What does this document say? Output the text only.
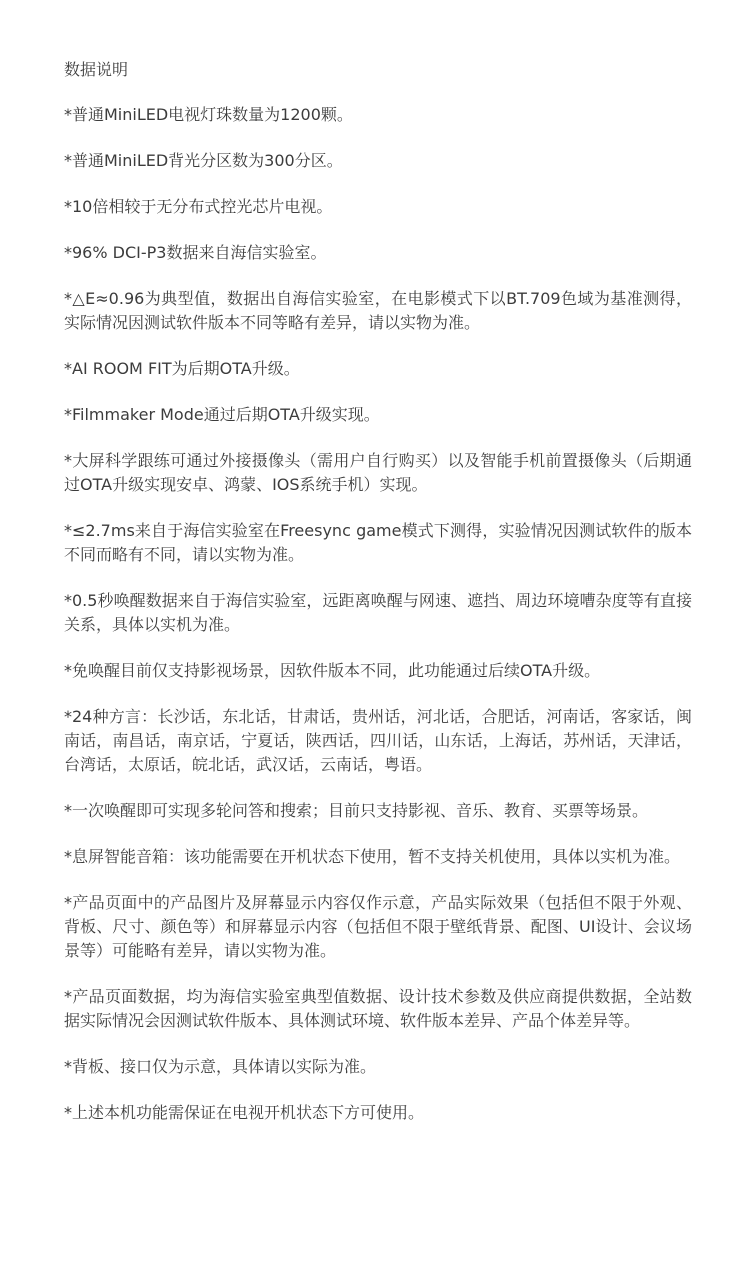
数据说明
*普通MiniLED电视灯珠数量为1200颗。
*普通MiniLED背光分区数为300分区。
*10倍相较于无分布式控光芯片电视。
*96% DCI-P3数据来自海信实验室。
*△E≈0.96为典型值，数据出自海信实验室，在电影模式下以BT.709色域为基准测得，实际情况因测试软件版本不同等略有差异，请以实物为准。
*AI ROOM FIT为后期OTA升级。
*Filmmaker Mode通过后期OTA升级实现。
*大屏科学跟练可通过外接摄像头（需用户自行购买）以及智能手机前置摄像头（后期通过OTA升级实现安卓、鸿蒙、IOS系统手机）实现。
*≤2.7ms来自于海信实验室在Freesync game模式下测得，实验情况因测试软件的版本不同而略有不同，请以实物为准。
*0.5秒唤醒数据来自于海信实验室，远距离唤醒与网速、遮挡、周边环境嘈杂度等有直接关系，具体以实机为准。
*免唤醒目前仅支持影视场景，因软件版本不同，此功能通过后续OTA升级。
*24种方言：长沙话，东北话，甘肃话，贵州话，河北话，合肥话，河南话，客家话，闽南话，南昌话，南京话，宁夏话，陕西话，四川话，山东话，上海话，苏州话，天津话，台湾话，太原话，皖北话，武汉话，云南话，粤语。
*一次唤醒即可实现多轮问答和搜索；目前只支持影视、音乐、教育、买票等场景。
*息屏智能音箱：该功能需要在开机状态下使用，暂不支持关机使用，具体以实机为准。
*产品页面中的产品图片及屏幕显示内容仅作示意，产品实际效果（包括但不限于外观、背板、尺寸、颜色等）和屏幕显示内容（包括但不限于壁纸背景、配图、UI设计、会议场景等）可能略有差异，请以实物为准。
*产品页面数据，均为海信实验室典型值数据、设计技术参数及供应商提供数据，全站数据实际情况会因测试软件版本、具体测试环境、软件版本差异、产品个体差异等。
*背板、接口仅为示意，具体请以实际为准。
*上述本机功能需保证在电视开机状态下方可使用。
